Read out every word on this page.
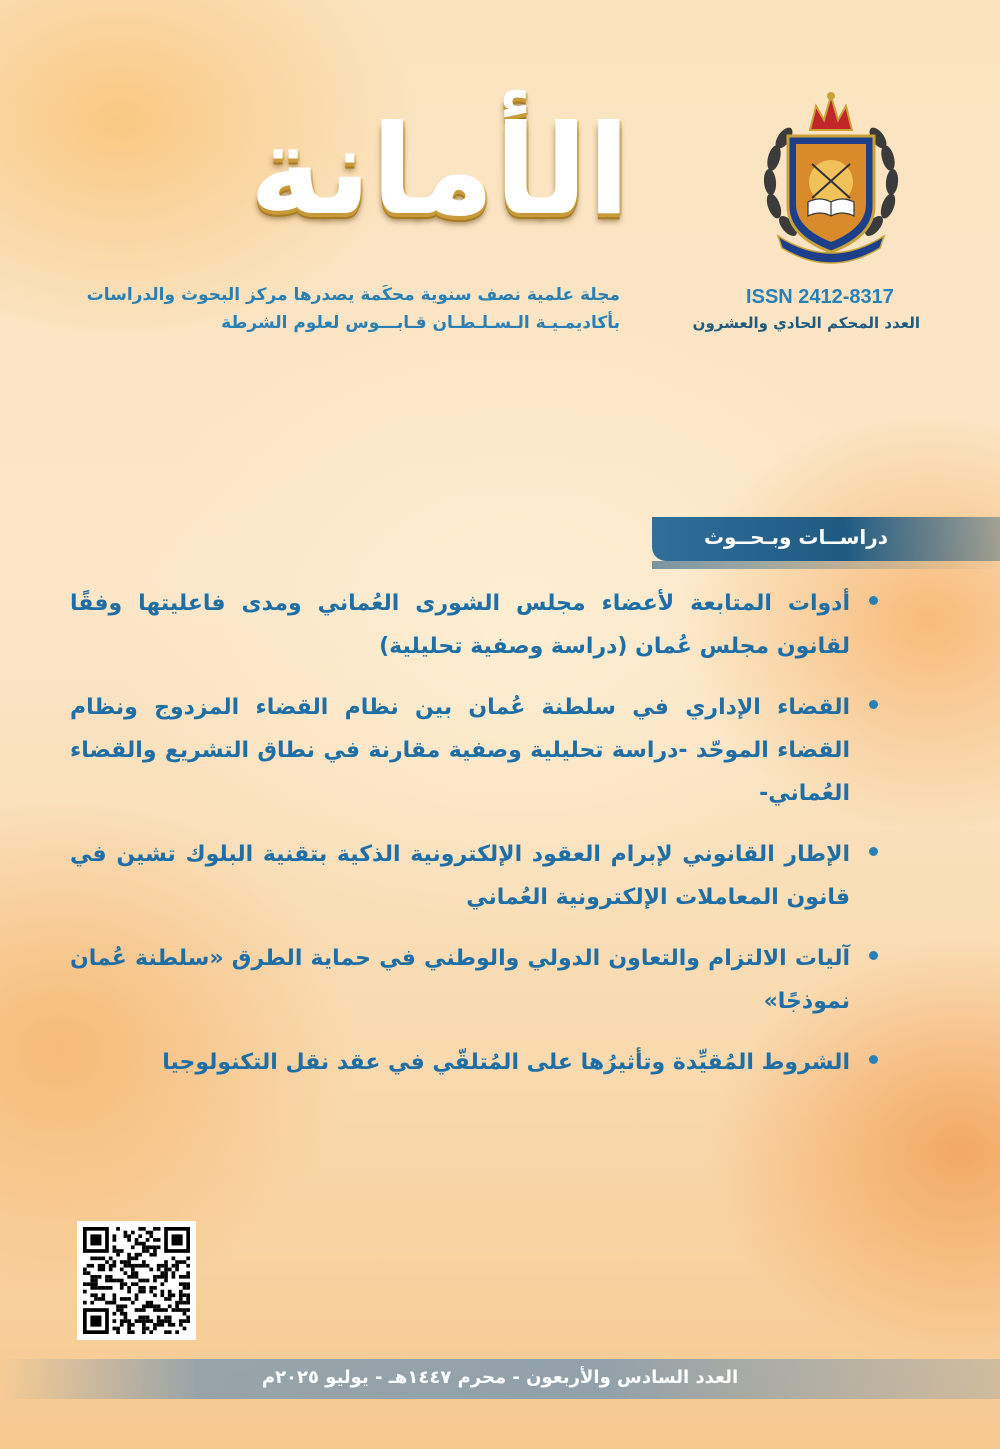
الأمانة
مجلة علمية نصف سنوية محكَمة يصدرها مركز البحوث والدراسات
بأكاديمـيـة الـسـلـطـان قـابـــوس لعلوم الشرطة
ISSN 2412-8317
العدد المحكم الحادي والعشرون
دراســات وبـحــوث
أدوات المتابعة لأعضاء مجلس الشورى العُماني ومدى فاعليتها وفقًا لقانون مجلس عُمان (دراسة وصفية تحليلية)
القضاء الإداري في سلطنة عُمان بين نظام القضاء المزدوج ونظام القضاء الموحّد -دراسة تحليلية وصفية مقارنة في نطاق التشريع والقضاء العُماني-
الإطار القانوني لإبرام العقود الإلكترونية الذكية بتقنية البلوك تشين في قانون المعاملات الإلكترونية العُماني
آليات الالتزام والتعاون الدولي والوطني في حماية الطرق «سلطنة عُمان نموذجًا»
الشروط المُقيِّدة وتأثيرُها على المُتلقّي في عقد نقل التكنولوجيا
العدد السادس والأربعون - محرم ١٤٤٧هـ - يوليو ٢٠٢٥م
